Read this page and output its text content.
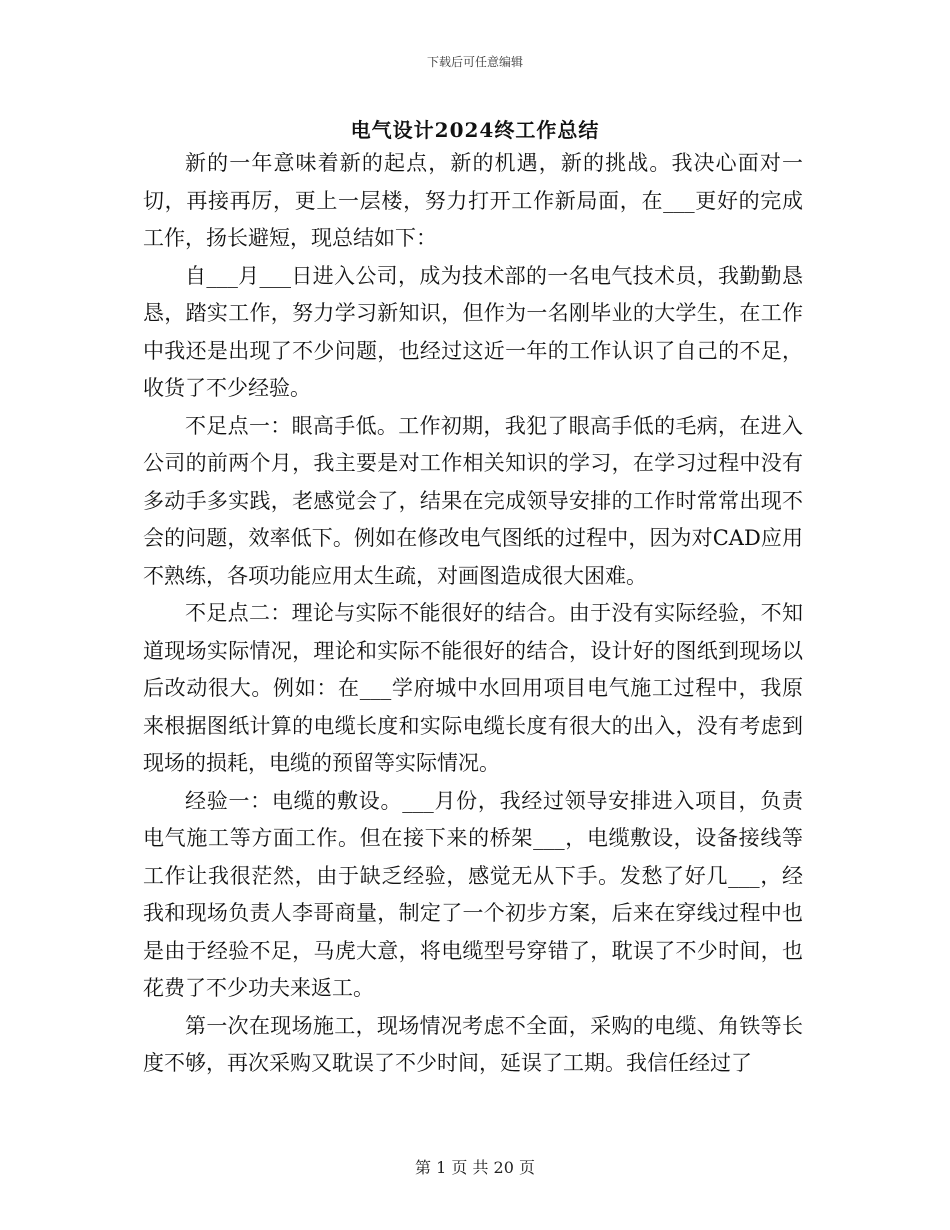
下载后可任意编辑
电气设计2024终工作总结

新的一年意味着新的起点，新的机遇，新的挑战。我决心面对一切，再接再厉，更上一层楼，努力打开工作新局面，在___更好的完成工作，扬长避短，现总结如下：

自___月___日进入公司，成为技术部的一名电气技术员，我勤勤恳恳，踏实工作，努力学习新知识，但作为一名刚毕业的大学生，在工作中我还是出现了不少问题，也经过这近一年的工作认识了自己的不足，收货了不少经验。

不足点一：眼高手低。工作初期，我犯了眼高手低的毛病，在进入公司的前两个月，我主要是对工作相关知识的学习，在学习过程中没有多动手多实践，老感觉会了，结果在完成领导安排的工作时常常出现不会的问题，效率低下。例如在修改电气图纸的过程中，因为对CAD应用不熟练，各项功能应用太生疏，对画图造成很大困难。

不足点二：理论与实际不能很好的结合。由于没有实际经验，不知道现场实际情况，理论和实际不能很好的结合，设计好的图纸到现场以后改动很大。例如：在___学府城中水回用项目电气施工过程中，我原来根据图纸计算的电缆长度和实际电缆长度有很大的出入，没有考虑到现场的损耗，电缆的预留等实际情况。

经验一：电缆的敷设。___月份，我经过领导安排进入项目，负责电气施工等方面工作。但在接下来的桥架___，电缆敷设，设备接线等工作让我很茫然，由于缺乏经验，感觉无从下手。发愁了好几___，经我和现场负责人李哥商量，制定了一个初步方案，后来在穿线过程中也是由于经验不足，马虎大意，将电缆型号穿错了，耽误了不少时间，也花费了不少功夫来返工。

第一次在现场施工，现场情况考虑不全面，采购的电缆、角铁等长度不够，再次采购又耽误了不少时间，延误了工期。我信任经过了

第 1 页 共 20 页
